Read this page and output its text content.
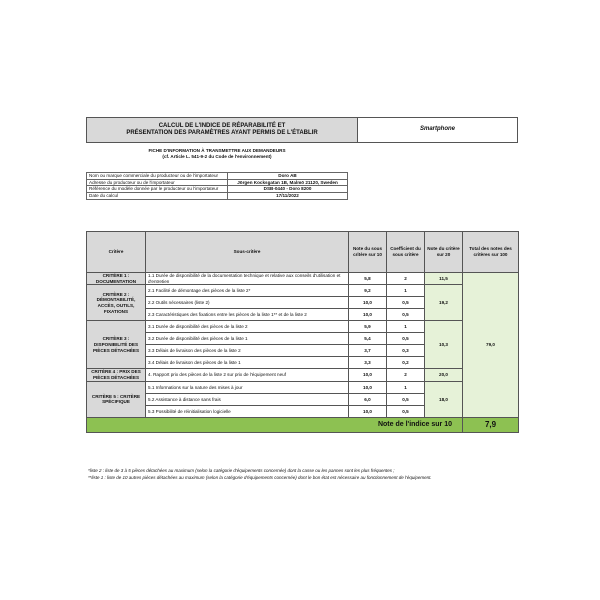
CALCUL DE L'INDICE DE RÉPARABILITÉ ET
PRÉSENTATION DES PARAMÈTRES AYANT PERMIS DE L'ÉTABLIR	Smartphone
FICHE D'INFORMATION À TRANSMETTRE AUX DEMANDEURS
(cf. Article L. 541-9-2 du Code de l'environnement)
Nom ou marque commerciale du producteur ou de l'importateur	Doro AB
Adresse du producteur ou de l'importateur	Jörgen Kocksgatan 1B, Malmö 21120, Sweden
Référence du modèle donnée par le producteur ou l'importateur	DSB-0440 - Doro 8200
Date du calcul	17/11/2022
Critère	Sous-critère	Note du sous critère sur 10	Coefficient du sous critère	Note du critère sur 20	Total des notes des critères sur 100
CRITÈRE 1 : DOCUMENTATION	1.1 Durée de disponibilité de la documentation technique et relative aux conseils d'utilisation et d'entretien	5,8	2	11,5	79,0
CRITÈRE 2 : DÉMONTABILITÉ, ACCÈS, OUTILS, FIXATIONS	2.1 Facilité de démontage des pièces de la liste 2*	9,2	1	19,2	
	2.2 Outils nécessaires (liste 2)	10,0	0,5		
	2.3 Caractéristiques des fixations entre les pièces de la liste 1** et de la liste 2	10,0	0,5		
CRITÈRE 3 : DISPONIBILITÉ DES PIÈCES DÉTACHÉES	3.1 Durée de disponibilité des pièces de la liste 2	5,9	1	10,3	
	3.2 Durée de disponibilité des pièces de la liste 1	5,4	0,5		
	3.3 Délais de livraison des pièces de la liste 2	3,7	0,3		
	3.4 Délais de livraison des pièces de la liste 1	3,3	0,2		
CRITÈRE 4 : PRIX DES PIÈCES DÉTACHÉES	4. Rapport prix des pièces de la liste 2 sur prix de l'équipement neuf	10,0	2	20,0	
CRITÈRE 5 : CRITÈRE SPÉCIFIQUE	5.1 Informations sur la nature des mises à jour	10,0	1	18,0	
	5.2 Assistance à distance sans frais	6,0	0,5		
	5.3 Possibilité de réinitialisation logicielle	10,0	0,5		
Note de l'indice sur 10					7,9

*liste 2 : liste de 3 à 5 pièces détachées au maximum (selon la catégorie d'équipements concernée) dont la casse ou les pannes sont les plus fréquentes ;

**liste 1 : liste de 10 autres pièces détachées au maximum (selon la catégorie d'équipements concernée) dont le bon état est nécessaire au fonctionnement de l'équipement.
